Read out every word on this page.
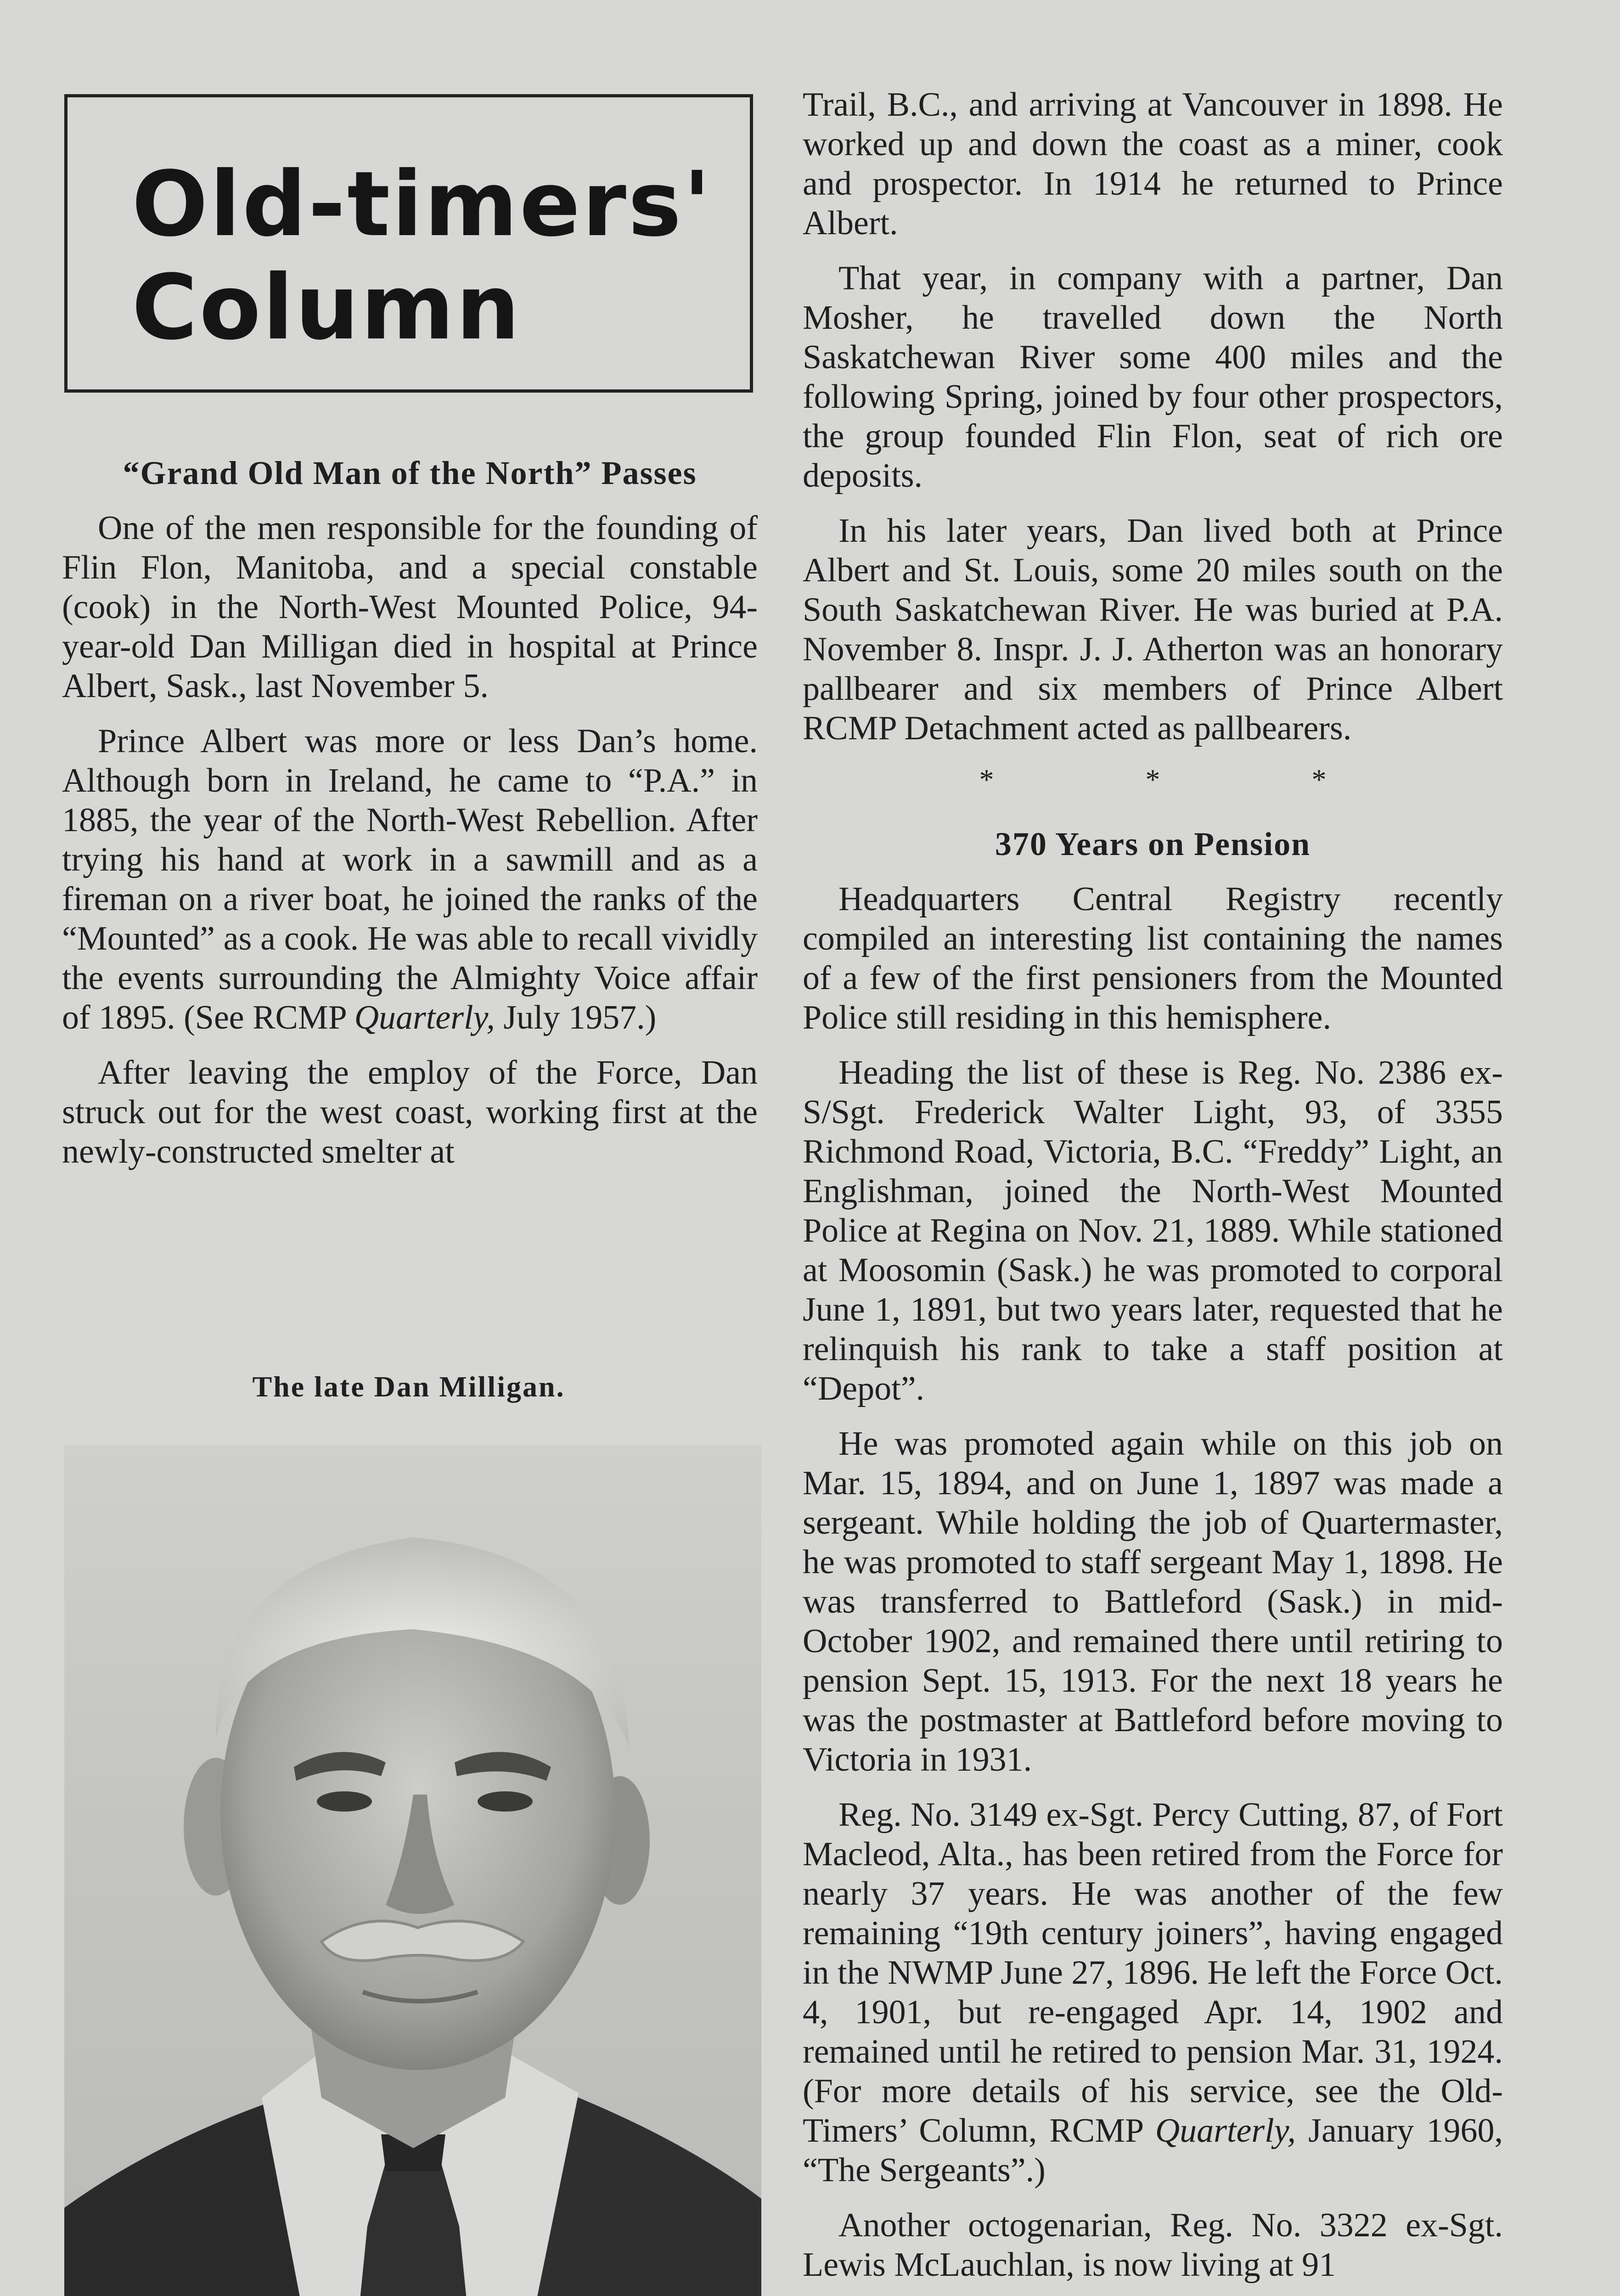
Old-timers'
Column
“Grand Old Man of the North” Passes

One of the men responsible for the founding of Flin Flon, Manitoba, and a special constable (cook) in the North-West Mounted Police, 94-year-old Dan Milligan died in hospital at Prince Albert, Sask., last November 5.

Prince Albert was more or less Dan’s home. Although born in Ireland, he came to “P.A.” in 1885, the year of the North-West Rebellion. After trying his hand at work in a sawmill and as a fireman on a river boat, he joined the ranks of the “Mounted” as a cook. He was able to recall vividly the events surrounding the Almighty Voice affair of 1895. (See RCMP Quarterly, July 1957.)

After leaving the employ of the Force, Dan struck out for the west coast, working first at the newly-constructed smelter at

The late Dan Milligan.

Trail, B.C., and arriving at Vancouver in 1898. He worked up and down the coast as a miner, cook and prospector. In 1914 he returned to Prince Albert.

That year, in company with a partner, Dan Mosher, he travelled down the North Saskatchewan River some 400 miles and the following Spring, joined by four other prospectors, the group founded Flin Flon, seat of rich ore deposits.

In his later years, Dan lived both at Prince Albert and St. Louis, some 20 miles south on the South Saskatchewan River. He was buried at P.A. November 8. Inspr. J. J. Atherton was an honorary pallbearer and six members of Prince Albert RCMP Detachment acted as pallbearers.

*	*	*
370 Years on Pension

Headquarters Central Registry recently compiled an interesting list containing the names of a few of the first pensioners from the Mounted Police still residing in this hemisphere.

Heading the list of these is Reg. No. 2386 ex-S/Sgt. Frederick Walter Light, 93, of 3355 Richmond Road, Victoria, B.C. “Freddy” Light, an Englishman, joined the North-West Mounted Police at Regina on Nov. 21, 1889. While stationed at Moosomin (Sask.) he was promoted to corporal June 1, 1891, but two years later, requested that he relinquish his rank to take a staff position at “Depot”.

He was promoted again while on this job on Mar. 15, 1894, and on June 1, 1897 was made a sergeant. While holding the job of Quartermaster, he was promoted to staff sergeant May 1, 1898. He was transferred to Battleford (Sask.) in mid-October 1902, and remained there until retiring to pension Sept. 15, 1913. For the next 18 years he was the postmaster at Battleford before moving to Victoria in 1931.

Reg. No. 3149 ex-Sgt. Percy Cutting, 87, of Fort Macleod, Alta., has been retired from the Force for nearly 37 years. He was another of the few remaining “19th century joiners”, having engaged in the NWMP June 27, 1896. He left the Force Oct. 4, 1901, but re-engaged Apr. 14, 1902 and remained until he retired to pension Mar. 31, 1924. (For more details of his service, see the Old-Timers’ Column, RCMP Quarterly, January 1960, “The Sergeants”.)

Another octogenarian, Reg. No. 3322 ex-Sgt. Lewis McLauchlan, is now living at 91
